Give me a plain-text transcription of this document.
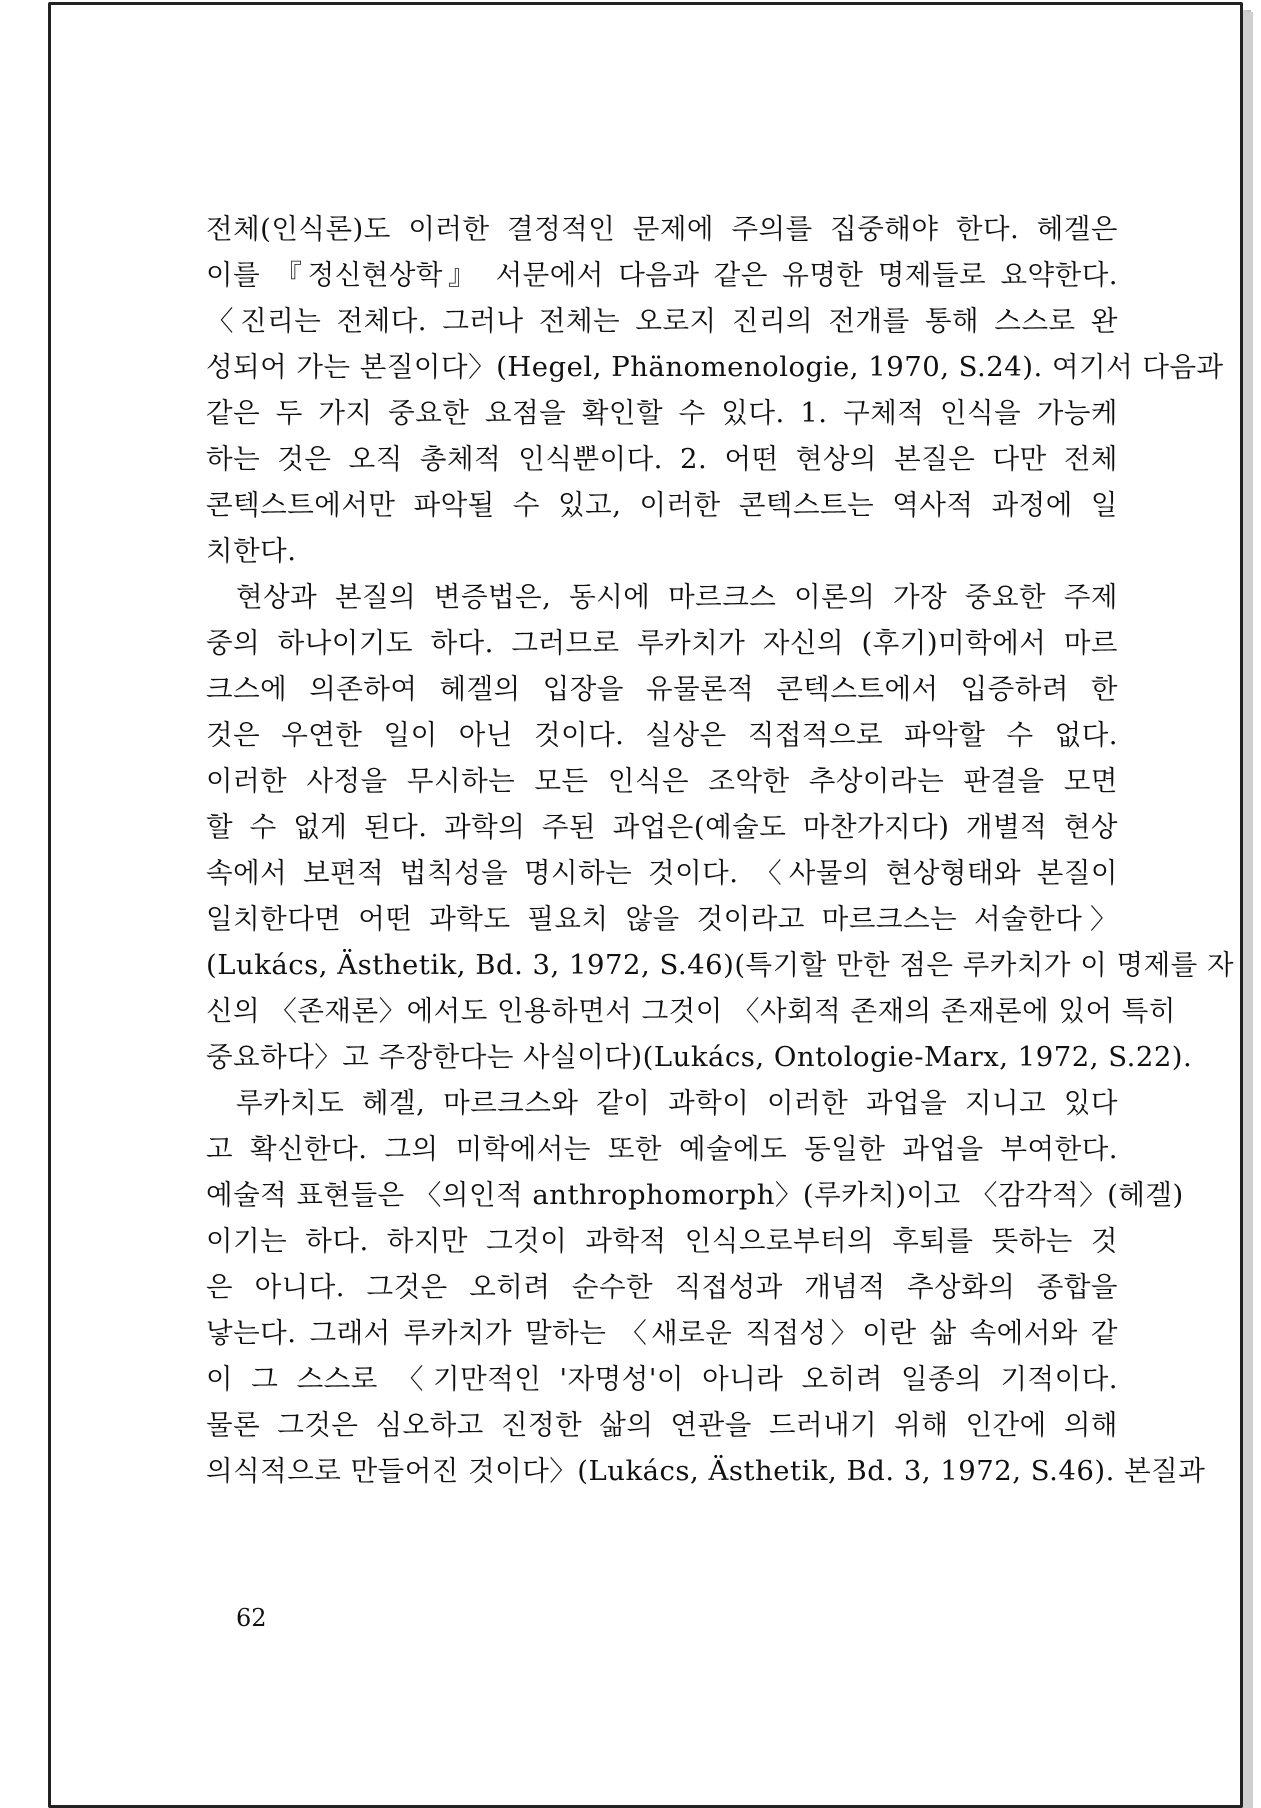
전체(인식론)도 이러한 결정적인 문제에 주의를 집중해야 한다. 헤겔은
이를 『정신현상학』 서문에서 다음과 같은 유명한 명제들로 요약한다.
〈진리는 전체다. 그러나 전체는 오로지 진리의 전개를 통해 스스로 완
성되어 가는 본질이다〉(Hegel, Phänomenologie, 1970, S.24). 여기서 다음과
같은 두 가지 중요한 요점을 확인할 수 있다. 1. 구체적 인식을 가능케
하는 것은 오직 총체적 인식뿐이다. 2. 어떤 현상의 본질은 다만 전체
콘텍스트에서만 파악될 수 있고, 이러한 콘텍스트는 역사적 과정에 일
치한다.
현상과 본질의 변증법은, 동시에 마르크스 이론의 가장 중요한 주제
중의 하나이기도 하다. 그러므로 루카치가 자신의 (후기)미학에서 마르
크스에 의존하여 헤겔의 입장을 유물론적 콘텍스트에서 입증하려 한
것은 우연한 일이 아닌 것이다. 실상은 직접적으로 파악할 수 없다.
이러한 사정을 무시하는 모든 인식은 조악한 추상이라는 판결을 모면
할 수 없게 된다. 과학의 주된 과업은(예술도 마찬가지다) 개별적 현상
속에서 보편적 법칙성을 명시하는 것이다. 〈사물의 현상형태와 본질이
일치한다면 어떤 과학도 필요치 않을 것이라고 마르크스는 서술한다〉
(Lukács, Ästhetik, Bd. 3, 1972, S.46)(특기할 만한 점은 루카치가 이 명제를 자
신의 〈존재론〉에서도 인용하면서 그것이 〈사회적 존재의 존재론에 있어 특히
중요하다〉고 주장한다는 사실이다)(Lukács, Ontologie-Marx, 1972, S.22).
루카치도 헤겔, 마르크스와 같이 과학이 이러한 과업을 지니고 있다
고 확신한다. 그의 미학에서는 또한 예술에도 동일한 과업을 부여한다.
예술적 표현들은 〈의인적 anthrophomorph〉(루카치)이고 〈감각적〉(헤겔)
이기는 하다. 하지만 그것이 과학적 인식으로부터의 후퇴를 뜻하는 것
은 아니다. 그것은 오히려 순수한 직접성과 개념적 추상화의 종합을
낳는다. 그래서 루카치가 말하는 〈새로운 직접성〉이란 삶 속에서와 같
이 그 스스로 〈기만적인 '자명성'이 아니라 오히려 일종의 기적이다.
물론 그것은 심오하고 진정한 삶의 연관을 드러내기 위해 인간에 의해
의식적으로 만들어진 것이다〉(Lukács, Ästhetik, Bd. 3, 1972, S.46). 본질과
62
